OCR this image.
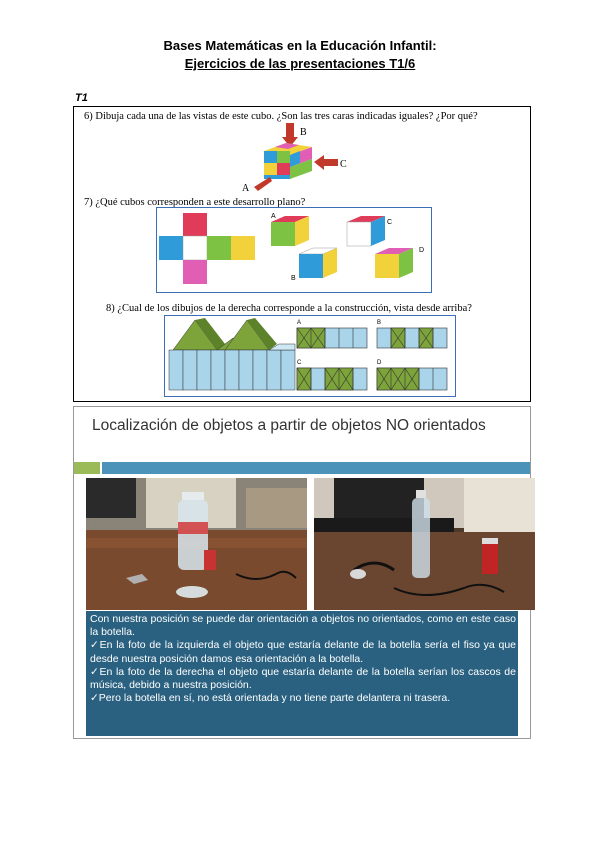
Bases Matemáticas en la Educación Infantil:
Ejercicios de las presentaciones T1/6
T1
6) Dibuja cada una de las vistas de este cubo. ¿Son las tres caras indicadas iguales? ¿Por qué?
B
C
A
7) ¿Qué cubos corresponden a este desarrollo plano?
A
B
C
D
8) ¿Cual de los dibujos de la derecha corresponde a la construcción, vista desde arriba?
A	B
C	D
Localización de objetos a partir de objetos NO orientados

Con nuestra posición se puede dar orientación a objetos no orientados, como en este caso la botella.

✓En la foto de la izquierda el objeto que estaría delante de la botella sería el fiso ya que desde nuestra posición damos esa orientación a la botella.

✓En la foto de la derecha el objeto que estaría delante de la botella serían los cascos de música, debido a nuestra posición.

✓Pero la botella en sí, no está orientada y no tiene parte delantera ni trasera.
